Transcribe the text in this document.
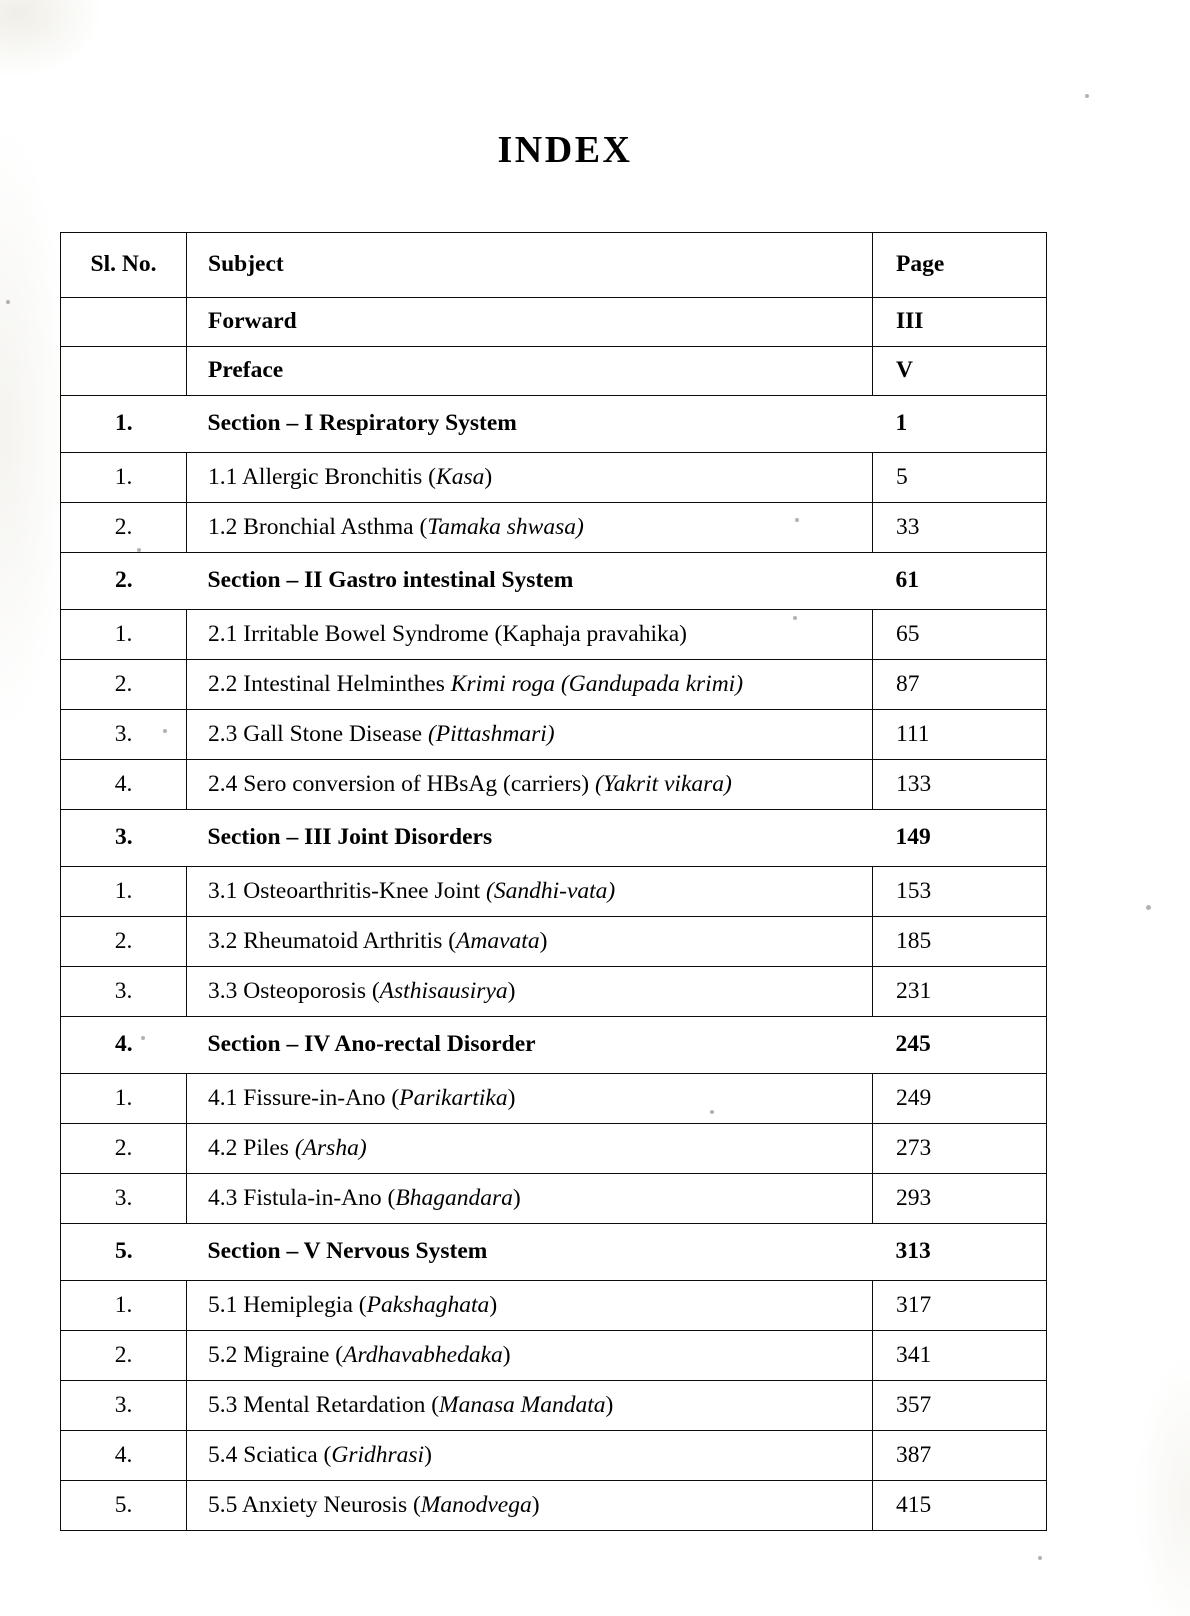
INDEX
Sl. No.	Subject	Page
	Forward	III
	Preface	V
1.	Section – I Respiratory System	1
1.	1.1 Allergic Bronchitis (Kasa)	5
2.	1.2 Bronchial Asthma (Tamaka shwasa)	33
2.	Section – II Gastro intestinal System	61
1.	2.1 Irritable Bowel Syndrome (Kaphaja pravahika)	65
2.	2.2 Intestinal Helminthes Krimi roga (Gandupada krimi)	87
3.	2.3 Gall Stone Disease (Pittashmari)	111
4.	2.4 Sero conversion of HBsAg (carriers) (Yakrit vikara)	133
3.	Section – III Joint Disorders	149
1.	3.1 Osteoarthritis-Knee Joint (Sandhi-vata)	153
2.	3.2 Rheumatoid Arthritis (Amavata)	185
3.	3.3 Osteoporosis (Asthisausirya)	231
4.	Section – IV Ano-rectal Disorder	245
1.	4.1 Fissure-in-Ano (Parikartika)	249
2.	4.2 Piles (Arsha)	273
3.	4.3 Fistula-in-Ano (Bhagandara)	293
5.	Section – V Nervous System	313
1.	5.1 Hemiplegia (Pakshaghata)	317
2.	5.2 Migraine (Ardhavabhedaka)	341
3.	5.3 Mental Retardation (Manasa Mandata)	357
4.	5.4 Sciatica (Gridhrasi)	387
5.	5.5 Anxiety Neurosis (Manodvega)	415
